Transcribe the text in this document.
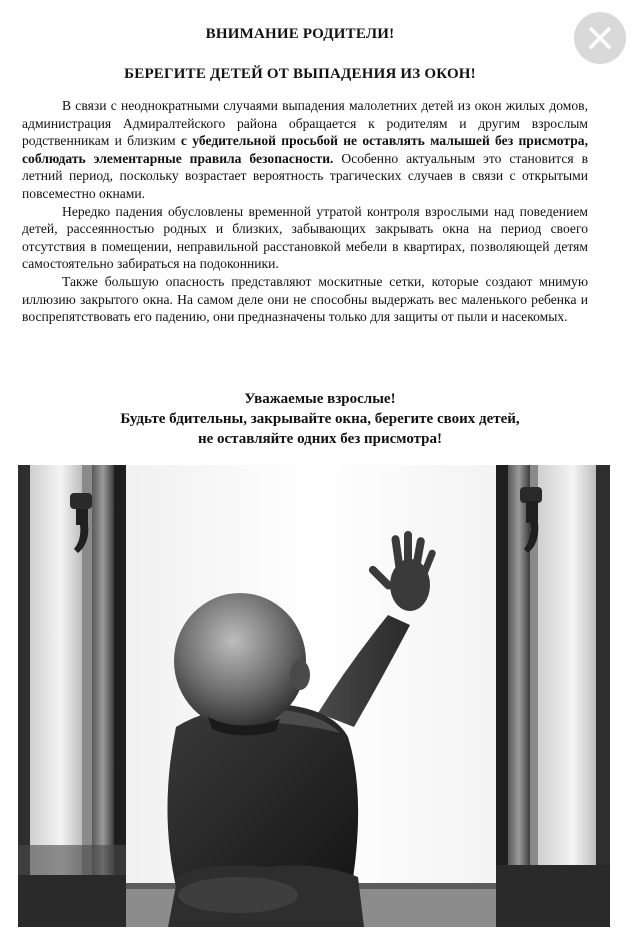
ВНИМАНИЕ РОДИТЕЛИ!
БЕРЕГИТЕ ДЕТЕЙ ОТ ВЫПАДЕНИЯ ИЗ ОКОН!

В связи с неоднократными случаями выпадения малолетних детей из окон жилых домов, администрация Адмиралтейского района обращается к родителям и другим взрослым родственникам и близким с убедительной просьбой не оставлять малышей без присмотра, соблюдать элементарные правила безопасности. Особенно актуальным это становится в летний период, поскольку возрастает вероятность трагических случаев в связи с открытыми повсеместно окнами.

Нередко падения обусловлены временной утратой контроля взрослыми над поведением детей, рассеянностью родных и близких, забывающих закрывать окна на период своего отсутствия в помещении, неправильной расстановкой мебели в квартирах, позволяющей детям самостоятельно забираться на подоконники.

Также большую опасность представляют москитные сетки, которые создают мнимую иллюзию закрытого окна. На самом деле они не способны выдержать вес маленького ребенка и воспрепятствовать его падению, они предназначены только для защиты от пыли и насекомых.

Уважаемые взрослые!
Будьте бдительны, закрывайте окна, берегите своих детей,
не оставляйте одних без присмотра!
